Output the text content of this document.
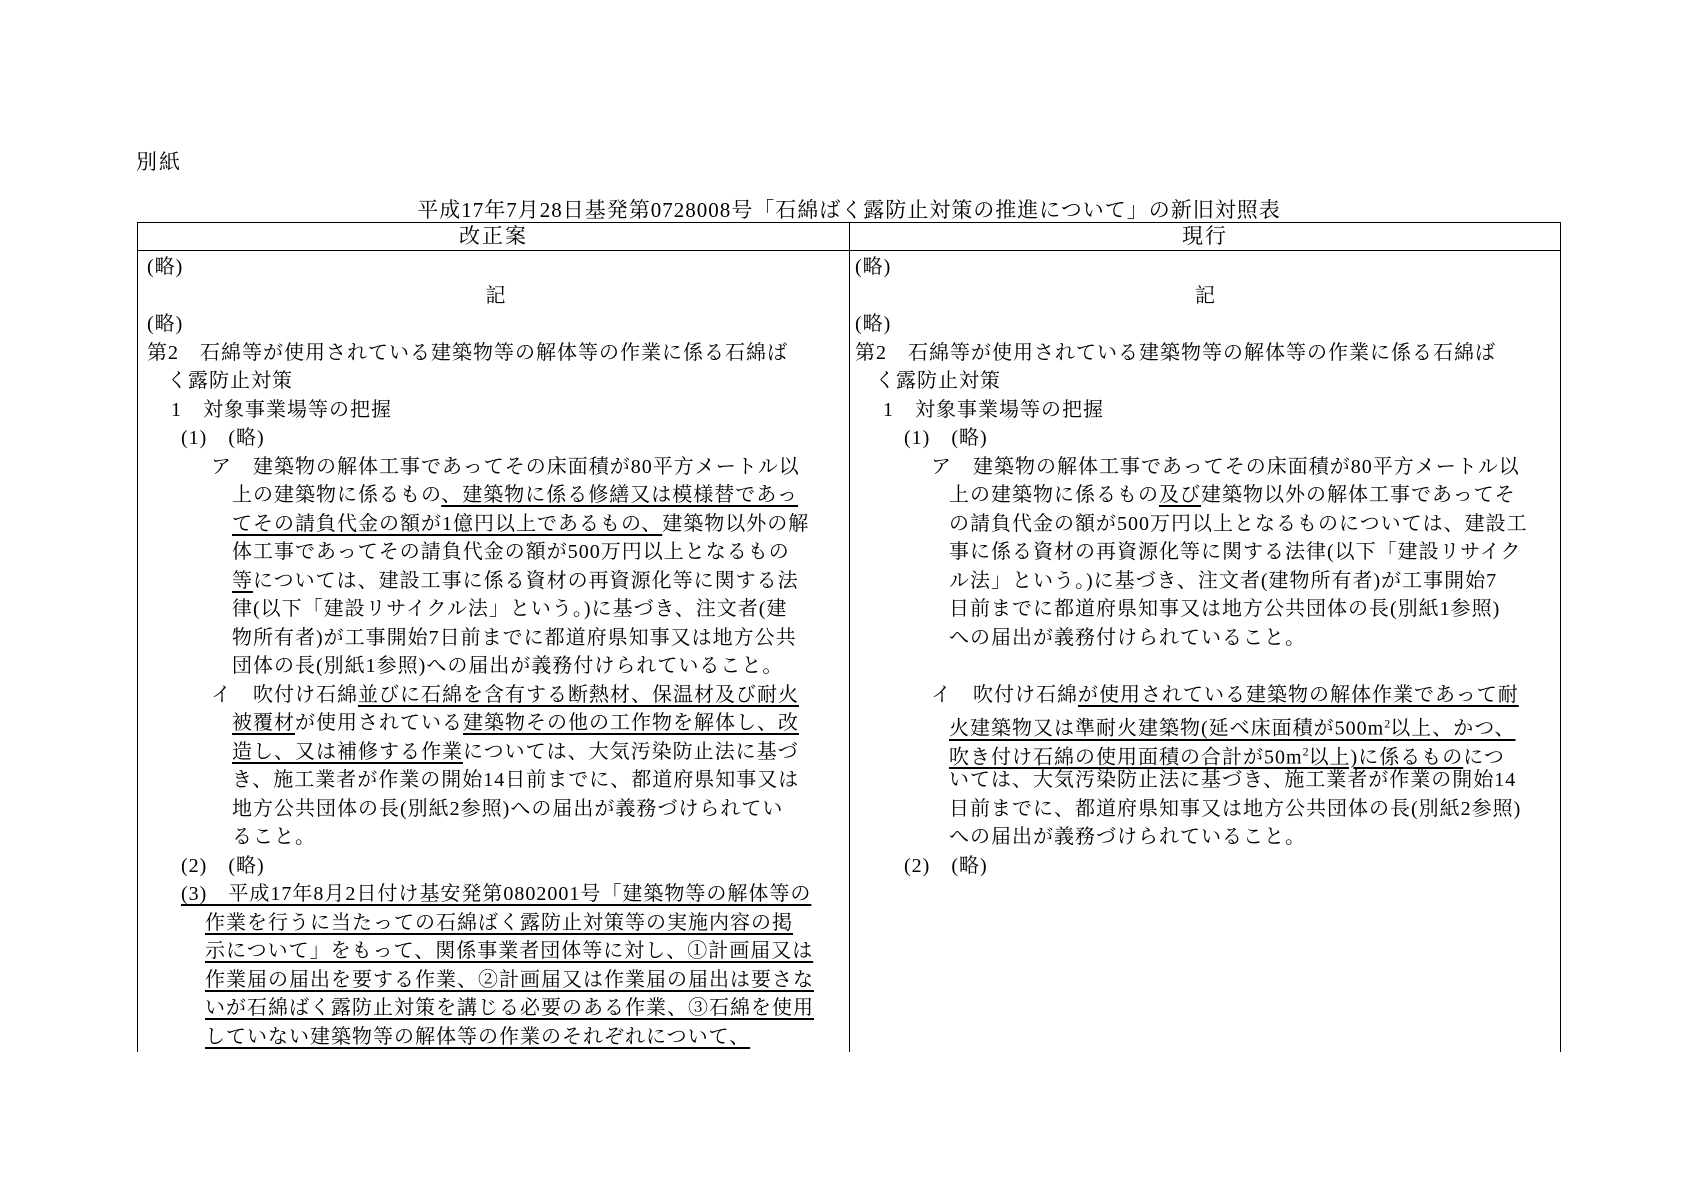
別紙
平成17年7月28日基発第0728008号「石綿ばく露防止対策の推進について」の新旧対照表
改正案	現行
(略)
記
(略)
第2　石綿等が使用されている建築物等の解体等の作業に係る石綿ば
く露防止対策
1　対象事業場等の把握
(1)　(略)
ア　建築物の解体工事であってその床面積が80平方メートル以
上の建築物に係るもの、建築物に係る修繕又は模様替であっ
てその請負代金の額が1億円以上であるもの、建築物以外の解
体工事であってその請負代金の額が500万円以上となるもの
等については、建設工事に係る資材の再資源化等に関する法
律(以下「建設リサイクル法」という。)に基づき、注文者(建
物所有者)が工事開始7日前までに都道府県知事又は地方公共
団体の長(別紙1参照)への届出が義務付けられていること。
イ　吹付け石綿並びに石綿を含有する断熱材、保温材及び耐火
被覆材が使用されている建築物その他の工作物を解体し、改
造し、又は補修する作業については、大気汚染防止法に基づ
き、施工業者が作業の開始14日前までに、都道府県知事又は
地方公共団体の長(別紙2参照)への届出が義務づけられてい
ること。
(2)　(略)
(3)　平成17年8月2日付け基安発第0802001号「建築物等の解体等の
作業を行うに当たっての石綿ばく露防止対策等の実施内容の掲
示について」をもって、関係事業者団体等に対し、①計画届又は
作業届の届出を要する作業、②計画届又は作業届の届出は要さな
いが石綿ばく露防止対策を講じる必要のある作業、③石綿を使用
していない建築物等の解体等の作業のそれぞれについて、
(略)
記
(略)
第2　石綿等が使用されている建築物等の解体等の作業に係る石綿ば
く露防止対策
1　対象事業場等の把握
(1)　(略)
ア　建築物の解体工事であってその床面積が80平方メートル以
上の建築物に係るもの及び建築物以外の解体工事であってそ
の請負代金の額が500万円以上となるものについては、建設工
事に係る資材の再資源化等に関する法律(以下「建設リサイク
ル法」という。)に基づき、注文者(建物所有者)が工事開始7
日前までに都道府県知事又は地方公共団体の長(別紙1参照)
への届出が義務付けられていること。

イ　吹付け石綿が使用されている建築物の解体作業であって耐
火建築物又は準耐火建築物(延べ床面積が$500m^2$以上、かつ、
吹き付け石綿の使用面積の合計が$50m^2$以上)に係るものにつ
いては、大気汚染防止法に基づき、施工業者が作業の開始14
日前までに、都道府県知事又は地方公共団体の長(別紙2参照)
への届出が義務づけられていること。
(2)　(略)
